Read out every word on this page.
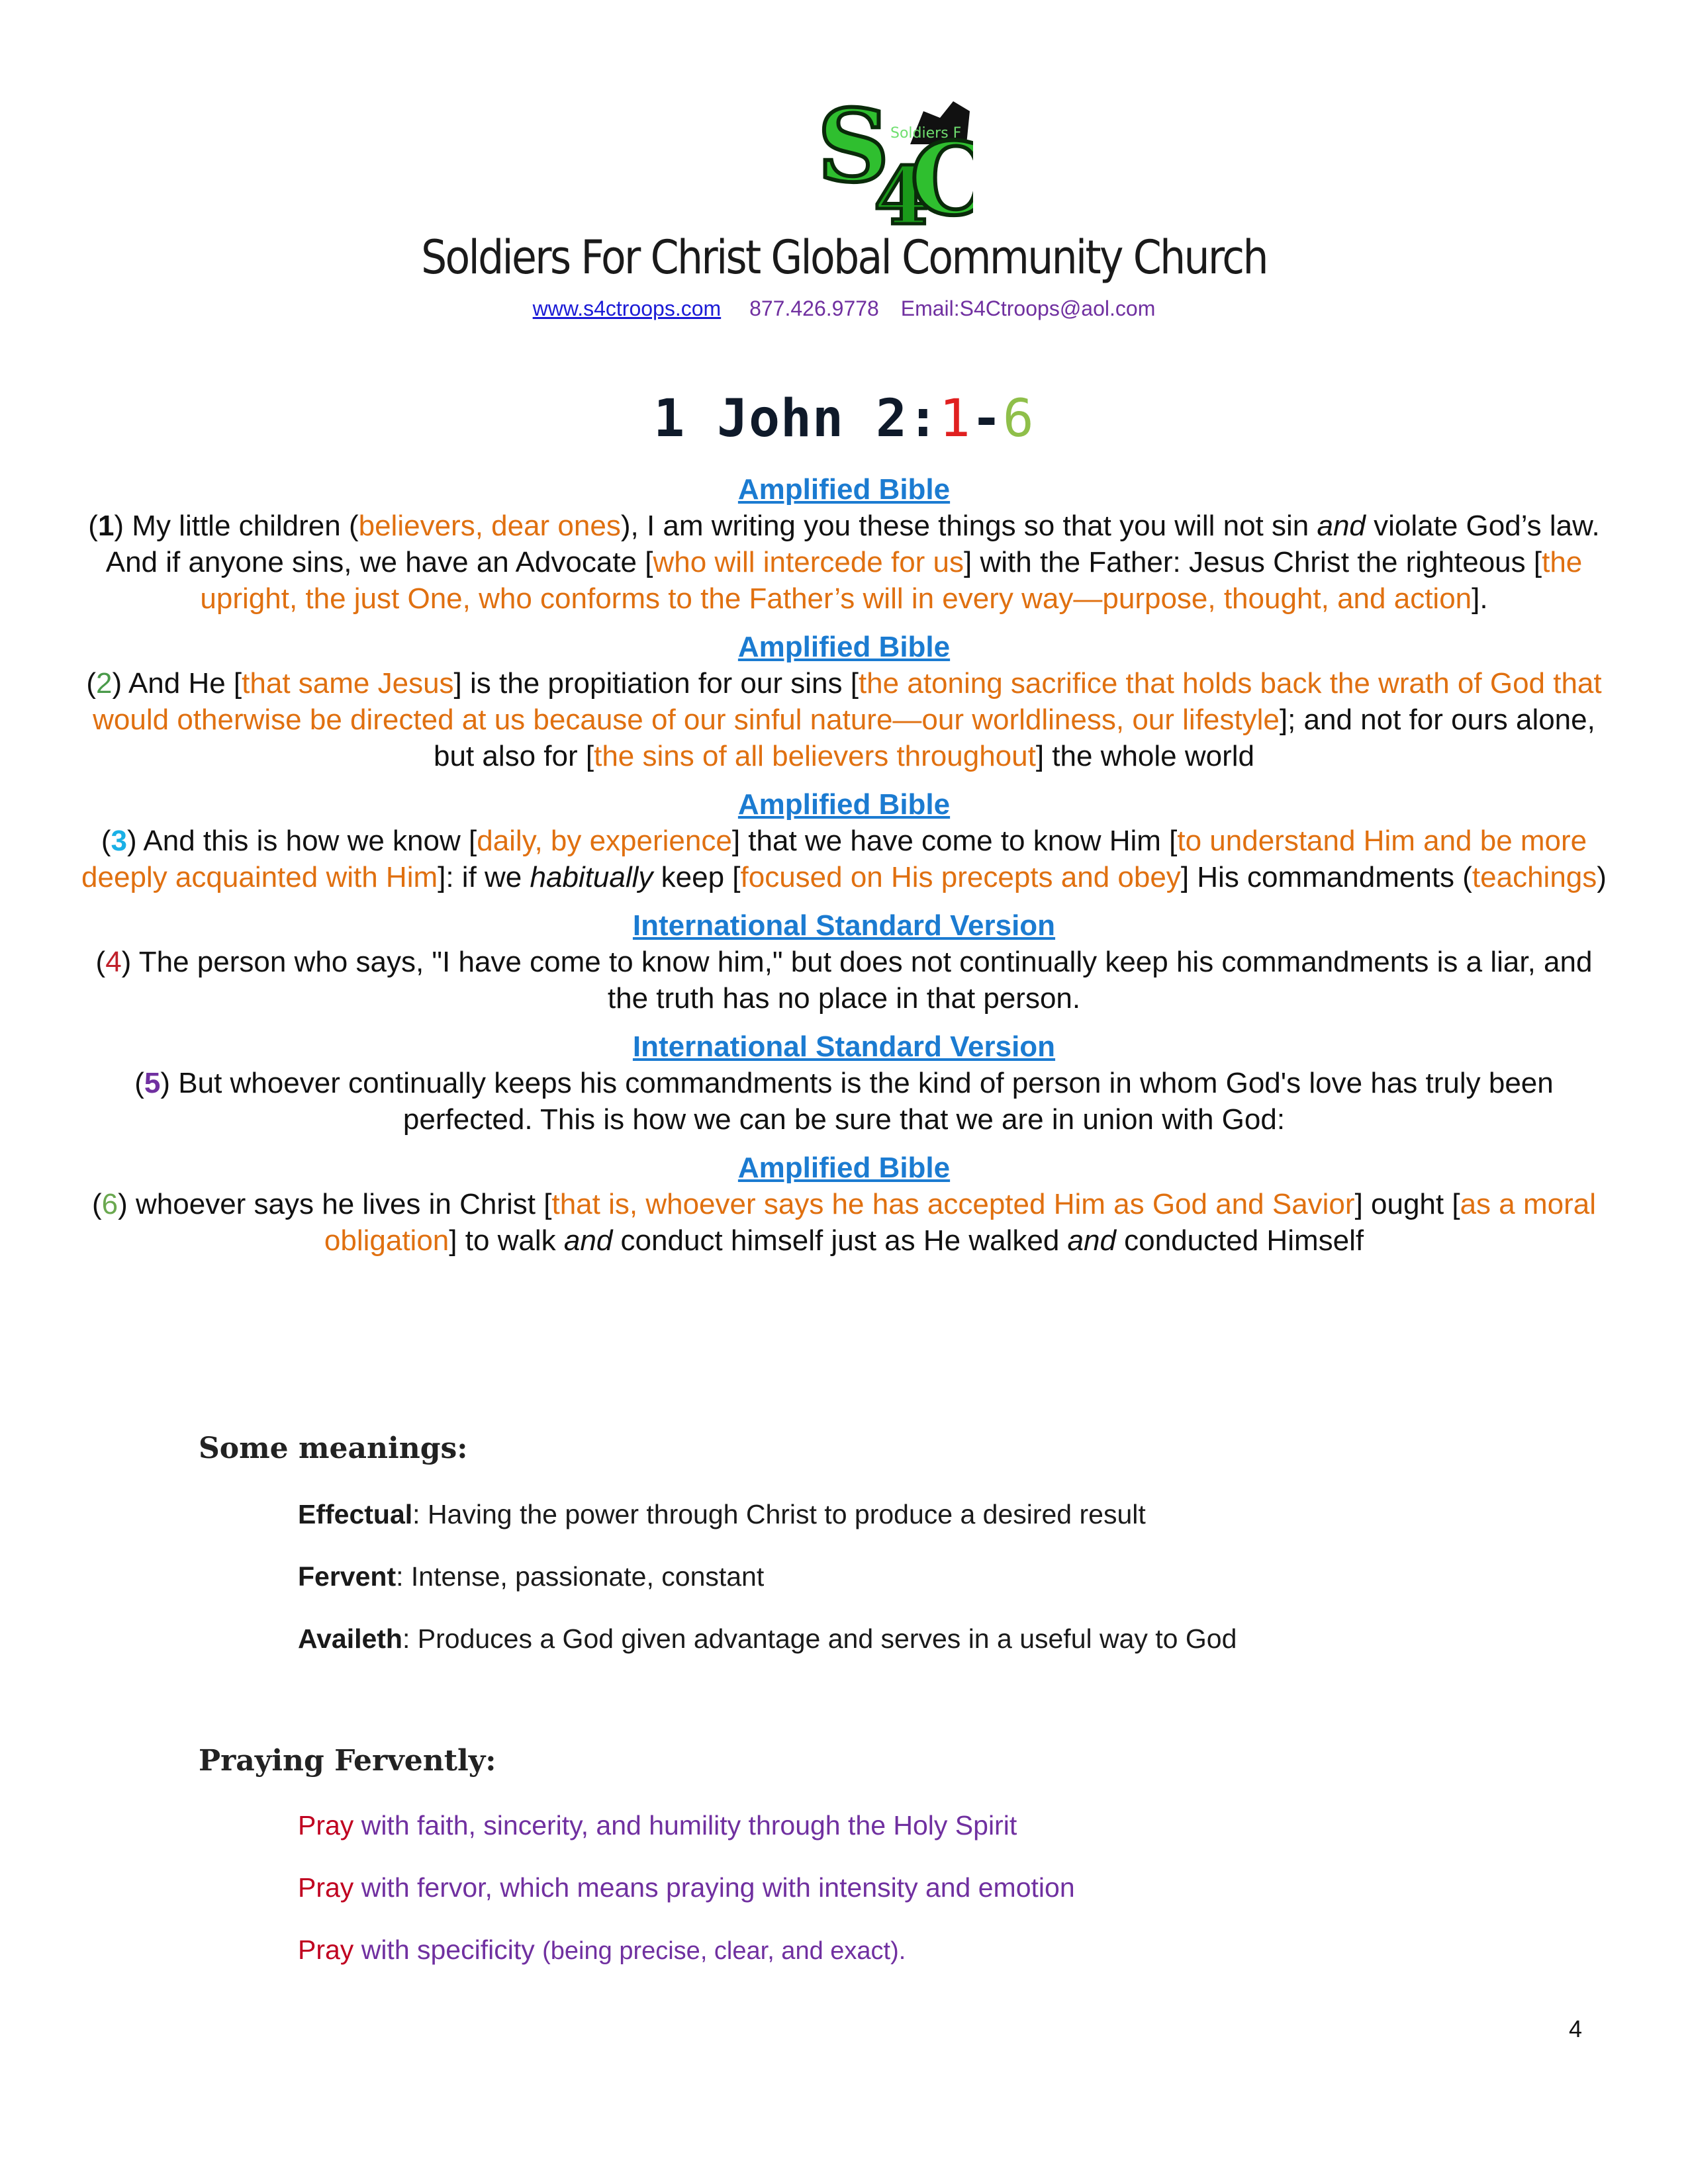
S
4
C
Soldiers F
Soldiers For Christ Global Community Church
www.s4ctroops.com 877.426.9778 Email:S4Ctroops@aol.com
1 John 2:1-6
Amplified Bible
(1) My little children (believers, dear ones), I am writing you these things so that you will not sin and violate God’s law. And if anyone sins, we have an Advocate [who will intercede for us] with the Father: Jesus Christ the righteous [the upright, the just One, who conforms to the Father’s will in every way—purpose, thought, and action].
Amplified Bible
(2) And He [that same Jesus] is the propitiation for our sins [the atoning sacrifice that holds back the wrath of God that would otherwise be directed at us because of our sinful nature—our worldliness, our lifestyle]; and not for ours alone, but also for [the sins of all believers throughout] the whole world
Amplified Bible
(3) And this is how we know [daily, by experience] that we have come to know Him [to understand Him and be more deeply acquainted with Him]: if we habitually keep [focused on His precepts and obey] His commandments (teachings)
International Standard Version
(4) The person who says, "I have come to know him," but does not continually keep his commandments is a liar, and the truth has no place in that person.
International Standard Version
(5) But whoever continually keeps his commandments is the kind of person in whom God's love has truly been perfected. This is how we can be sure that we are in union with God:
Amplified Bible
(6) whoever says he lives in Christ [that is, whoever says he has accepted Him as God and Savior] ought [as a moral obligation] to walk and conduct himself just as He walked and conducted Himself
Some meanings:
Effectual: Having the power through Christ to produce a desired result
Fervent: Intense, passionate, constant
Availeth: Produces a God given advantage and serves in a useful way to God
Praying Fervently:
Pray with faith, sincerity, and humility through the Holy Spirit
Pray with fervor, which means praying with intensity and emotion
Pray with specificity (being precise, clear, and exact).
4
